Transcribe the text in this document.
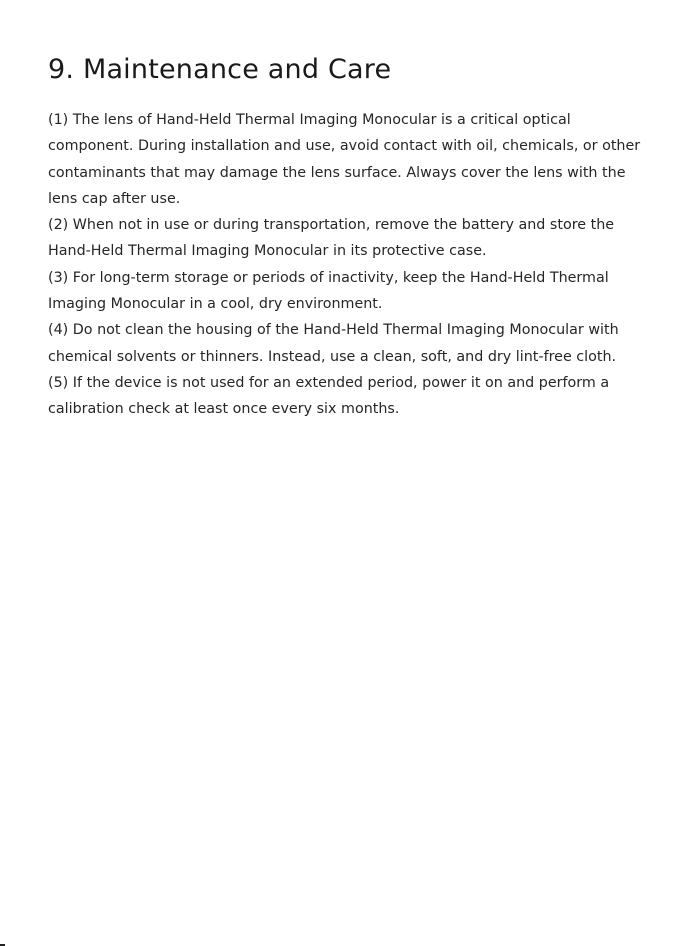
9. Maintenance and Care

(1) The lens of Hand-Held Thermal Imaging Monocular is a critical optical component. During installation and use, avoid contact with oil, chemicals, or other contaminants that may damage the lens surface. Always cover the lens with the lens cap after use.

(2) When not in use or during transportation, remove the battery and store the Hand-Held Thermal Imaging Monocular in its protective case.

(3) For long-term storage or periods of inactivity, keep the Hand-Held Thermal Imaging Monocular in a cool, dry environment.

(4) Do not clean the housing of the Hand-Held Thermal Imaging Monocular with chemical solvents or thinners. Instead, use a clean, soft, and dry lint-free cloth.

(5) If the device is not used for an extended period, power it on and perform a calibration check at least once every six months.
